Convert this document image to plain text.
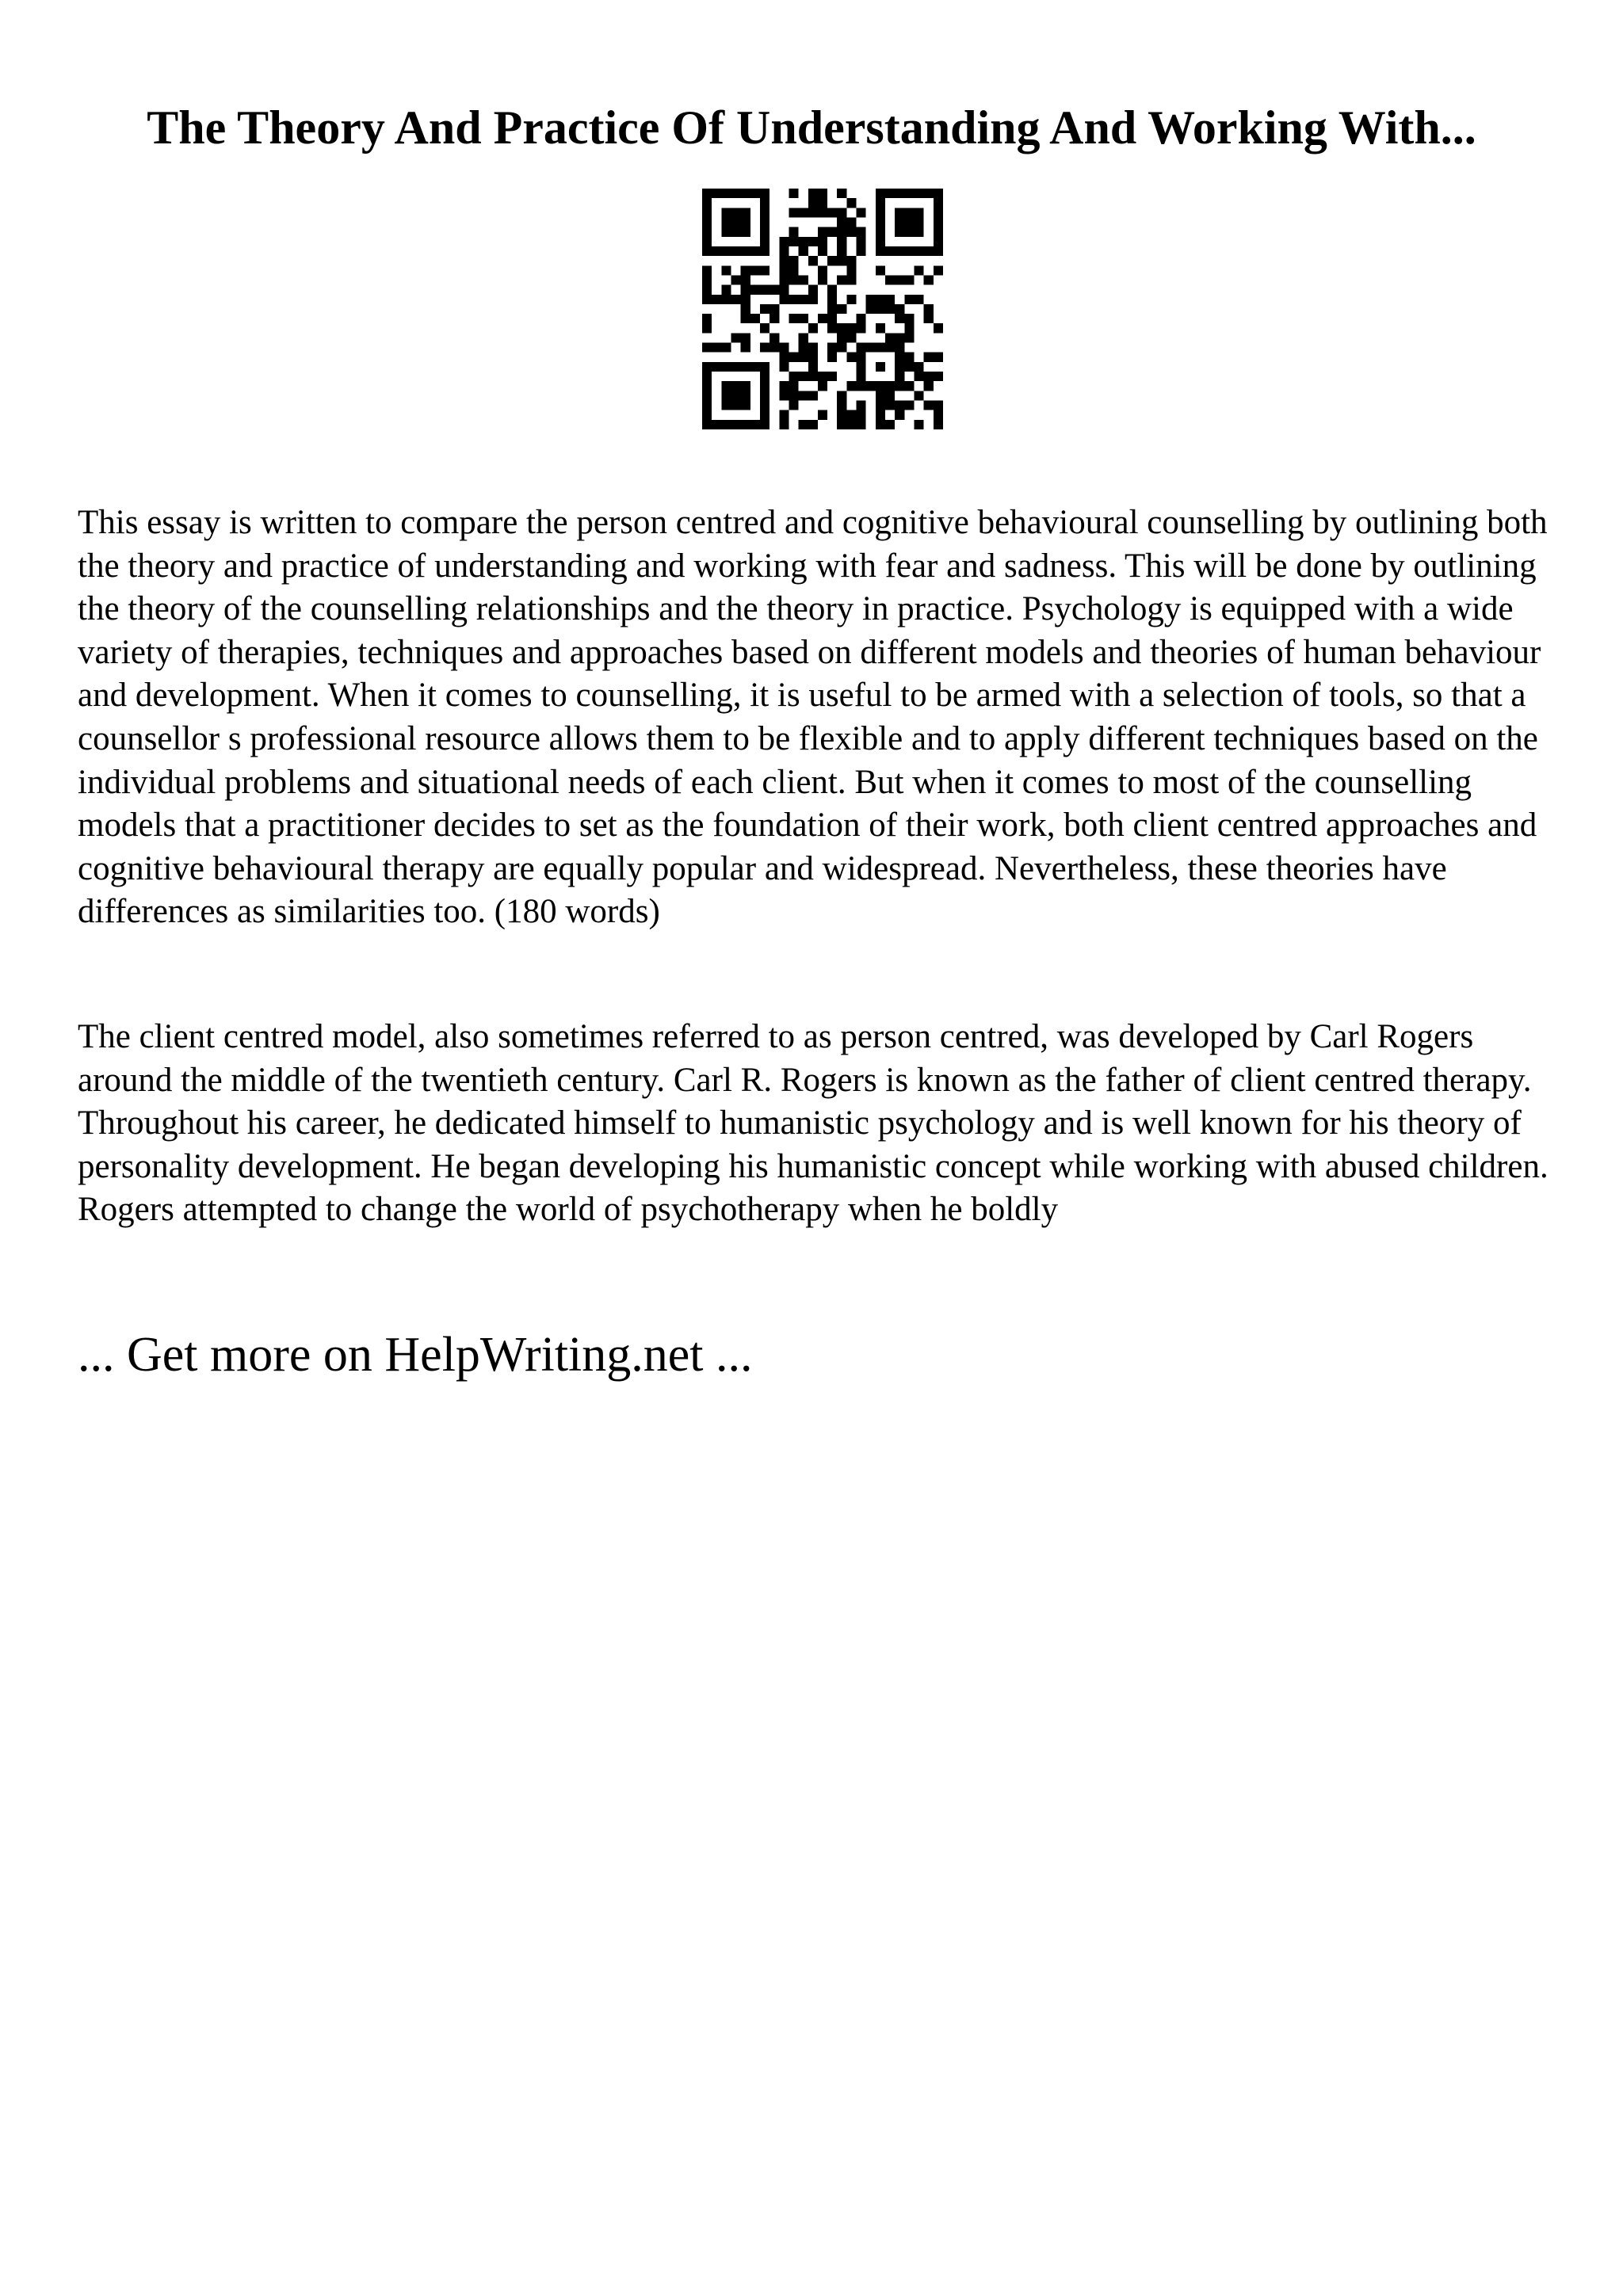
The Theory And Practice Of Understanding And Working With...

This essay is written to compare the person centred and cognitive behavioural counselling by outlining both the theory and practice of understanding and working with fear and sadness. This will be done by outlining the theory of the counselling relationships and the theory in practice. Psychology is equipped with a wide variety of therapies, techniques and approaches based on different models and theories of human behaviour and development. When it comes to counselling, it is useful to be armed with a selection of tools, so that a counsellor s professional resource allows them to be flexible and to apply different techniques based on the individual problems and situational needs of each client. But when it comes to most of the counselling models that a practitioner decides to set as the foundation of their work, both client centred approaches and cognitive behavioural therapy are equally popular and widespread. Nevertheless, these theories have differences as similarities too. (180 words)

The client centred model, also sometimes referred to as person centred, was developed by Carl Rogers around the middle of the twentieth century. Carl R. Rogers is known as the father of client centred therapy. Throughout his career, he dedicated himself to humanistic psychology and is well known for his theory of personality development. He began developing his humanistic concept while working with abused children. Rogers attempted to change the world of psychotherapy when he boldly

... Get more on HelpWriting.net ...
